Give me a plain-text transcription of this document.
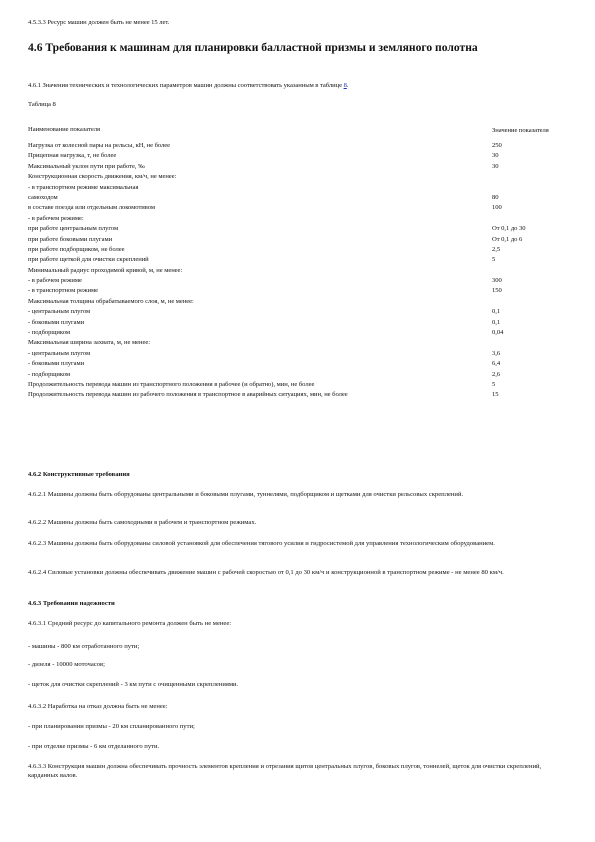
4.5.3.3 Ресурс машин должен быть не менее 15 лет.
4.6 Требования к машинам для планировки балластной призмы и земляного полотна
4.6.1 Значения технических и технологических параметров машин должны соответствовать указанным в таблице 8.
Таблица 8
Наименование показателя	Значение показателя

Нагрузка от колесной пары на рельсы, кН, не более	250
Прицепная нагрузка, т, не более	30
Максимальный уклон пути при работе, ‰	30
Конструкционная скорость движения, км/ч, не менее:	
- в транспортном режиме максимальная	
самоходом	80
в составе поезда или отдельным локомотивом	100
- в рабочем режиме:	
при работе центральным плугом	От 0,1 до 30
при работе боковыми плугами	От 0,1 до 6
при работе подборщиком, не более	2,5
при работе щеткой для очистки скреплений	5
Минимальный радиус проходимой кривой, м, не менее:	
- в рабочем режиме	300
- в транспортном режиме	150
Максимальная толщина обрабатываемого слоя, м, не менее:	
- центральным плугом	0,1
- боковыми плугами	0,1
- подборщиком	0,04
Максимальная ширина захвата, м, не менее:	
- центральным плугом	3,6
- боковыми плугами	6,4
- подборщиком	2,6
Продолжительность перевода машин из транспортного положения в рабочее (и обратно), мин, не более	5
Продолжительность перевода машин из рабочего положения в транспортное в аварийных ситуациях, мин, не более	15
4.6.2 Конструктивные требования
4.6.2.1 Машины должны быть оборудованы центральными и боковыми плугами, туннелями, подборщиком и щетками для очистки рельсовых скреплений.
4.6.2.2 Машины должны быть самоходными в рабочем и транспортном режимах.
4.6.2.3 Машины должны быть оборудованы силовой установкой для обеспечения тягового усилия и гидросистемой для управления технологическим оборудованием.
4.6.2.4 Силовые установки должны обеспечивать движение машин с рабочей скоростью от 0,1 до 30 км/ч и конструкционной в транспортном режиме - не менее 80 км/ч.
4.6.3 Требования надежности
4.6.3.1 Средний ресурс до капитального ремонта должен быть не менее:
- машины - 800 км отработанного пути;
- дизеля - 10000 моточасов;
- щеток для очистки скреплений - 3 км пути с очищенными скреплениями.
4.6.3.2 Наработка на отказ должна быть не менее:
- при планировании призмы - 20 км спланированного пути;
- при отделке призмы - 6 км отделанного пути.
4.6.3.3 Конструкция машин должна обеспечивать прочность элементов крепления и отрезания щитов центральных плугов, боковых плугов, тоннелей, щеток для очистки скреплений, карданных валов.
